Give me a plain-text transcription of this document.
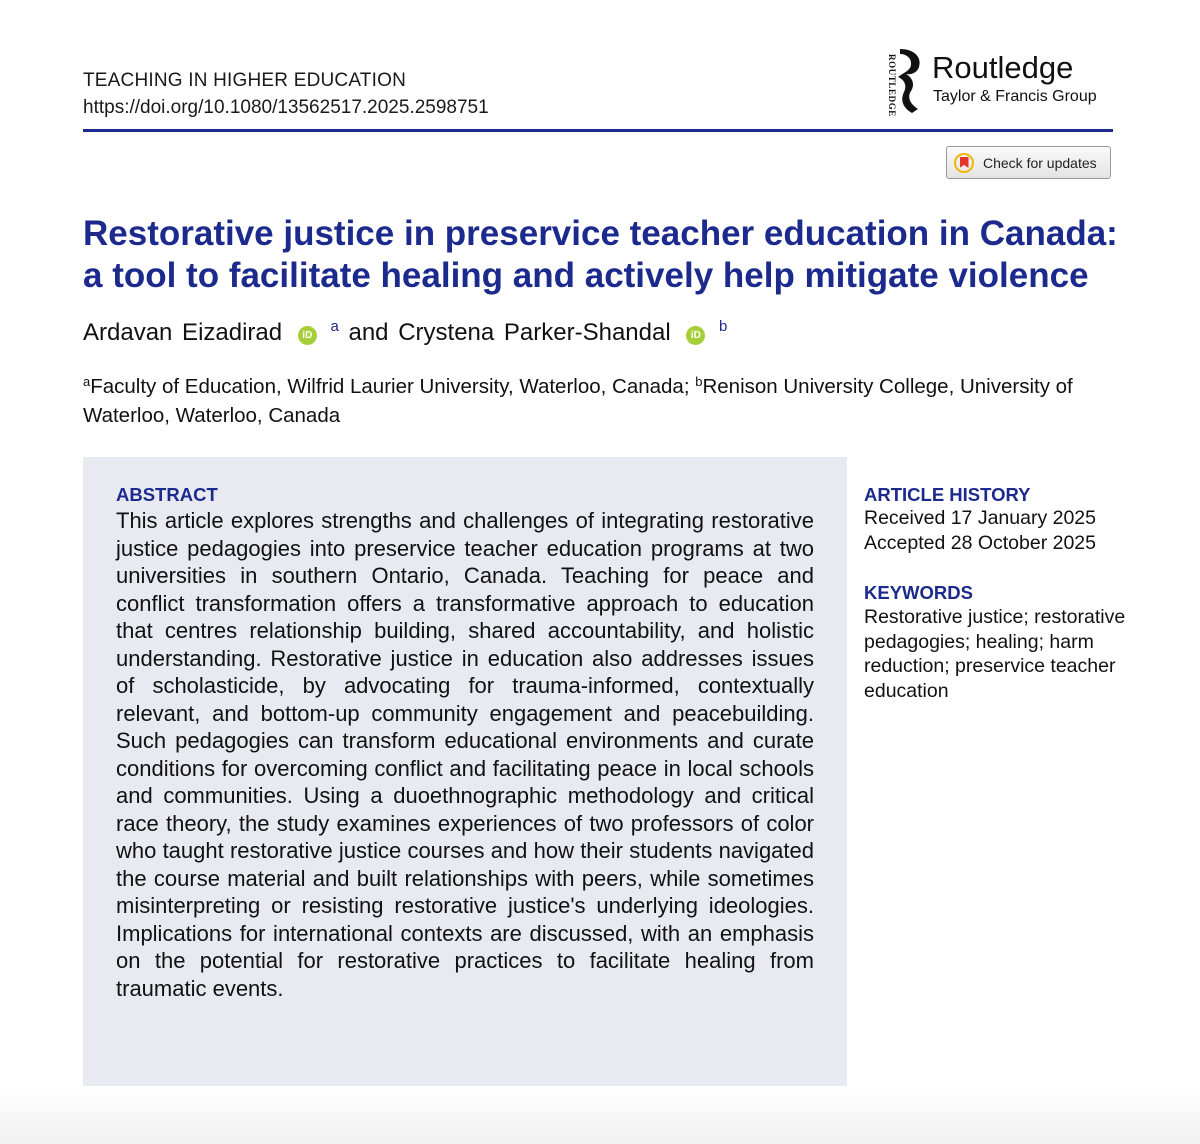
TEACHING IN HIGHER EDUCATION
https://doi.org/10.1080/13562517.2025.2598751	ROUTLEDGE Routledge
Taylor & Francis Group
Check for updates
Restorative justice in preservice teacher education in Canada:
a tool to facilitate healing and actively help mitigate violence
Ardavan Eizadirad iD $^a$ and Crystena Parker-Shandal iD $^b$
$^a$Faculty of Education, Wilfrid Laurier University, Waterloo, Canada; $^b$Renison University College, University of Waterloo, Waterloo, Canada
ABSTRACT
This article explores strengths and challenges of integrating restorative justice pedagogies into preservice teacher education programs at two universities in southern Ontario, Canada. Teaching for peace and conflict transformation offers a transformative approach to education that centres relationship building, shared accountability, and holistic understanding. Restorative justice in education also addresses issues of scholasticide, by advocating for trauma-informed, contextually relevant, and bottom-up community engagement and peacebuilding. Such pedagogies can transform educational environments and curate conditions for overcoming conflict and facilitating peace in local schools and communities. Using a duoethnographic methodology and critical race theory, the study examines experiences of two professors of color who taught restorative justice courses and how their students navigated the course material and built relationships with peers, while sometimes misinterpreting or resisting restorative justice's underlying ideologies. Implications for international contexts are discussed, with an emphasis on the potential for restorative practices to facilitate healing from traumatic events.
ARTICLE HISTORY
Received 17 January 2025
Accepted 28 October 2025
KEYWORDS
Restorative justice; restorative pedagogies; healing; harm reduction; preservice teacher education
